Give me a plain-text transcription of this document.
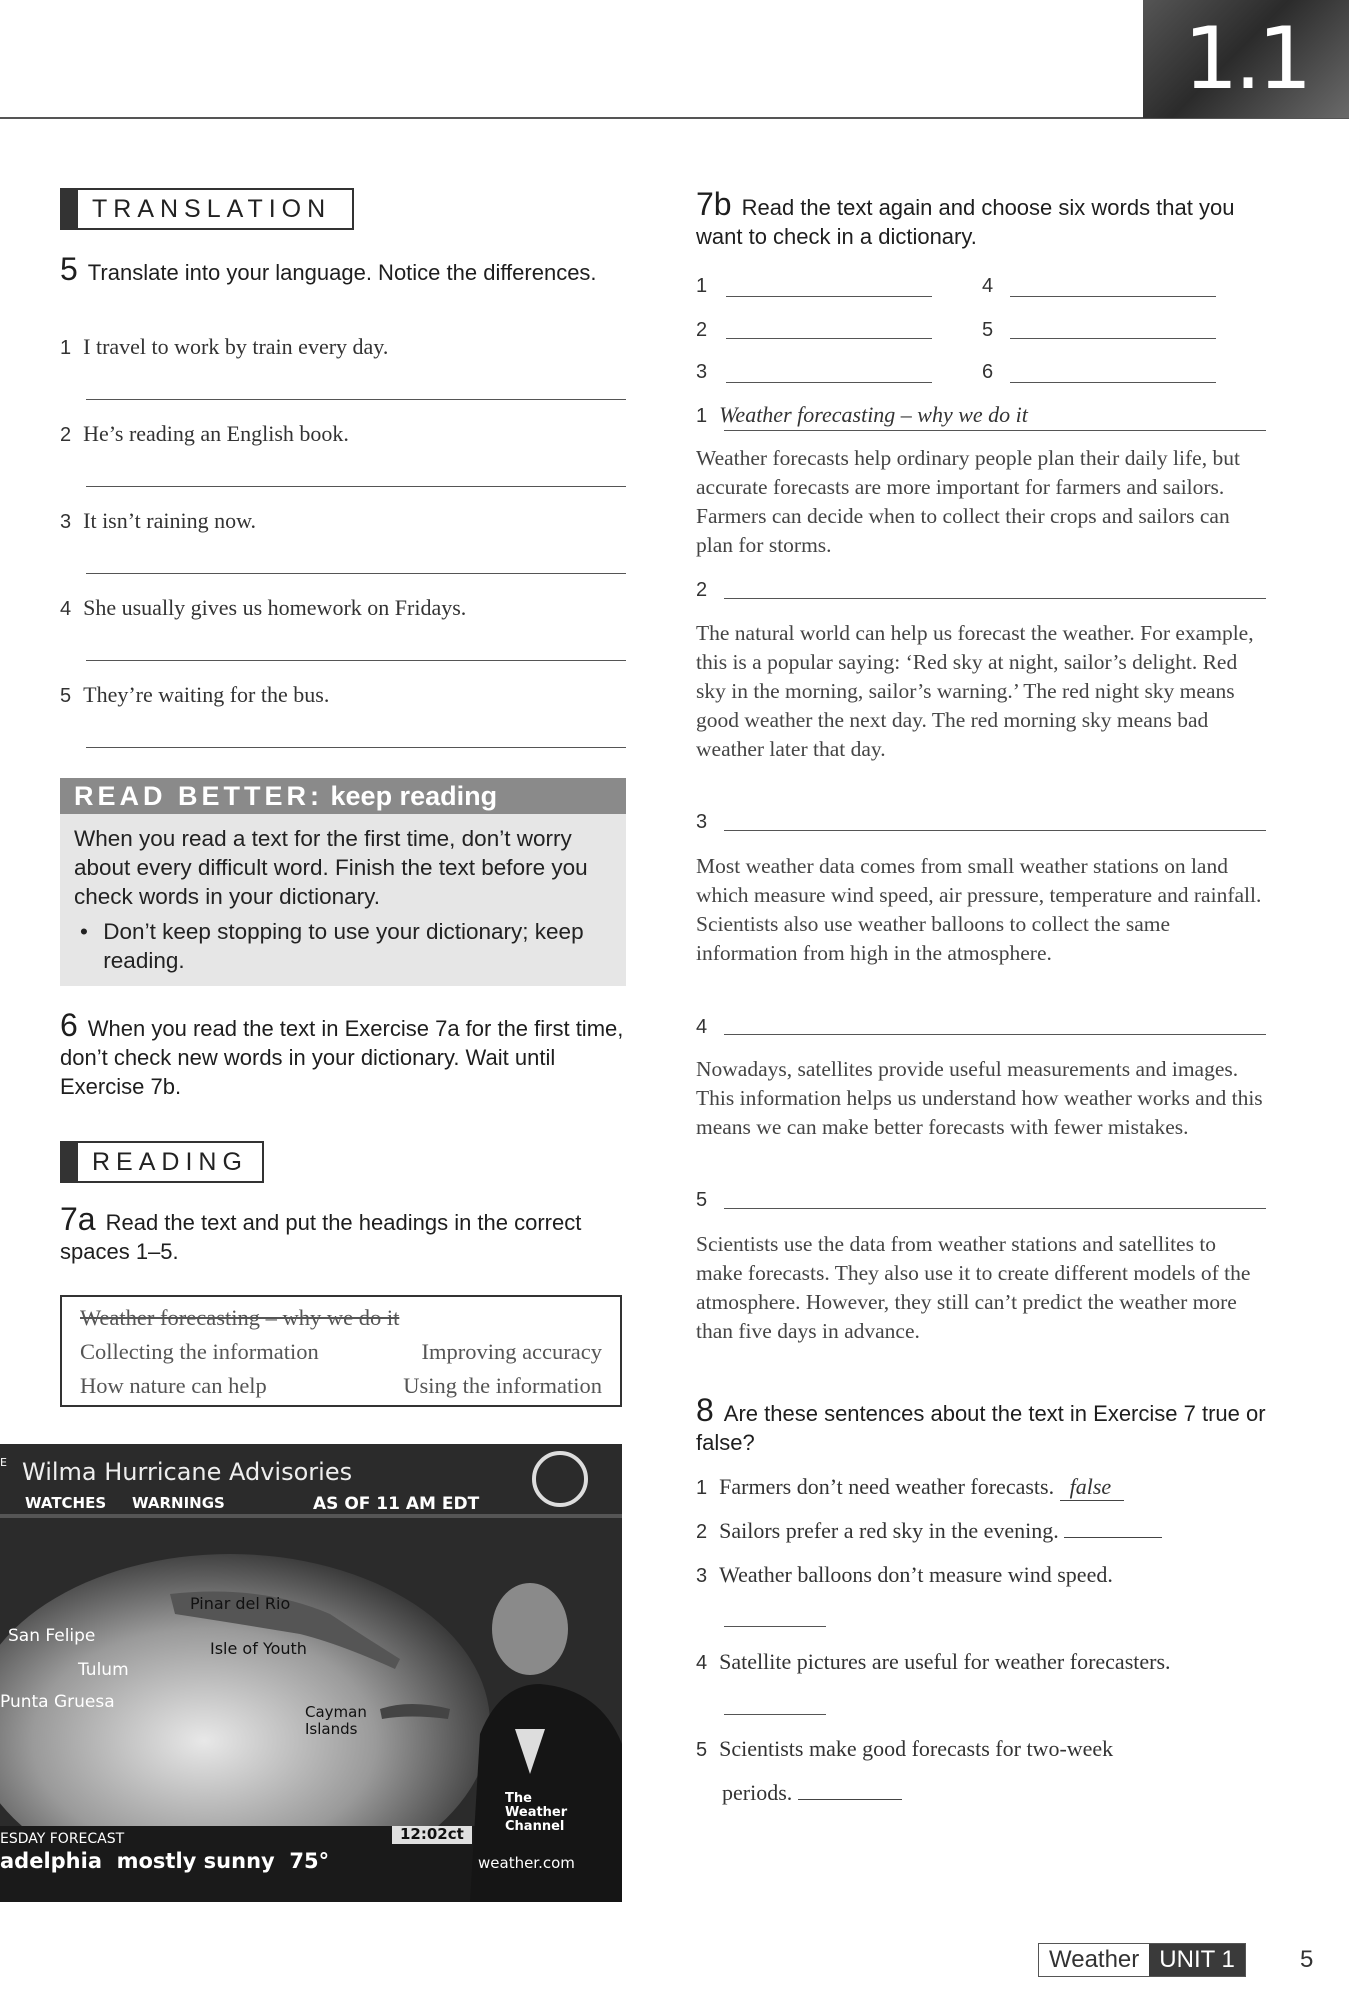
1.1
TRANSLATION
5 Translate into your language. Notice the differences.
1 I travel to work by train every day.
2 He’s reading an English book.
3 It isn’t raining now.
4 She usually gives us homework on Fridays.
5 They’re waiting for the bus.
READ BETTER: keep reading
When you read a text for the first time, don’t worry about every difficult word. Finish the text before you check words in your dictionary.
• Don’t keep stopping to use your dictionary; keep reading.
6 When you read the text in Exercise 7a for the first time, don’t check new words in your dictionary. Wait until Exercise 7b.
READING
7a Read the text and put the headings in the correct spaces 1–5.
Weather forecasting – why we do it
Collecting the information	Improving accuracy
How nature can help	Using the information
E Wilma Hurricane Advisories
WATCHES WARNINGS	AS OF 11 AM EDT
Pinar del Rio
Isle of Youth
San Felipe
Tulum
Punta Gruesa	Cayman Islands
12:02ct
The Weather Channel
ESDAY FORECAST
adelphia mostly sunny 75°	weather.com
7b Read the text again and choose six words that you want to check in a dictionary.
1
2
3
4
5
6
1 Weather forecasting – why we do it
Weather forecasts help ordinary people plan their daily life, but accurate forecasts are more important for farmers and sailors. Farmers can decide when to collect their crops and sailors can plan for storms.
2
The natural world can help us forecast the weather. For example, this is a popular saying: ‘Red sky at night, sailor’s delight. Red sky in the morning, sailor’s warning.’ The red night sky means good weather the next day. The red morning sky means bad weather later that day.
3
Most weather data comes from small weather stations on land which measure wind speed, air pressure, temperature and rainfall. Scientists also use weather balloons to collect the same information from high in the atmosphere.
4
Nowadays, satellites provide useful measurements and images. This information helps us understand how weather works and this means we can make better forecasts with fewer mistakes.
5
Scientists use the data from weather stations and satellites to make forecasts. They also use it to create different models of the atmosphere. However, they still can’t predict the weather more than five days in advance.
8 Are these sentences about the text in Exercise 7 true or false?
1 Farmers don’t need weather forecasts. false
2 Sailors prefer a red sky in the evening.
3 Weather balloons don’t measure wind speed.
4 Satellite pictures are useful for weather forecasters.
5 Scientists make good forecasts for two-week
periods.
Weather UNIT 1	5
